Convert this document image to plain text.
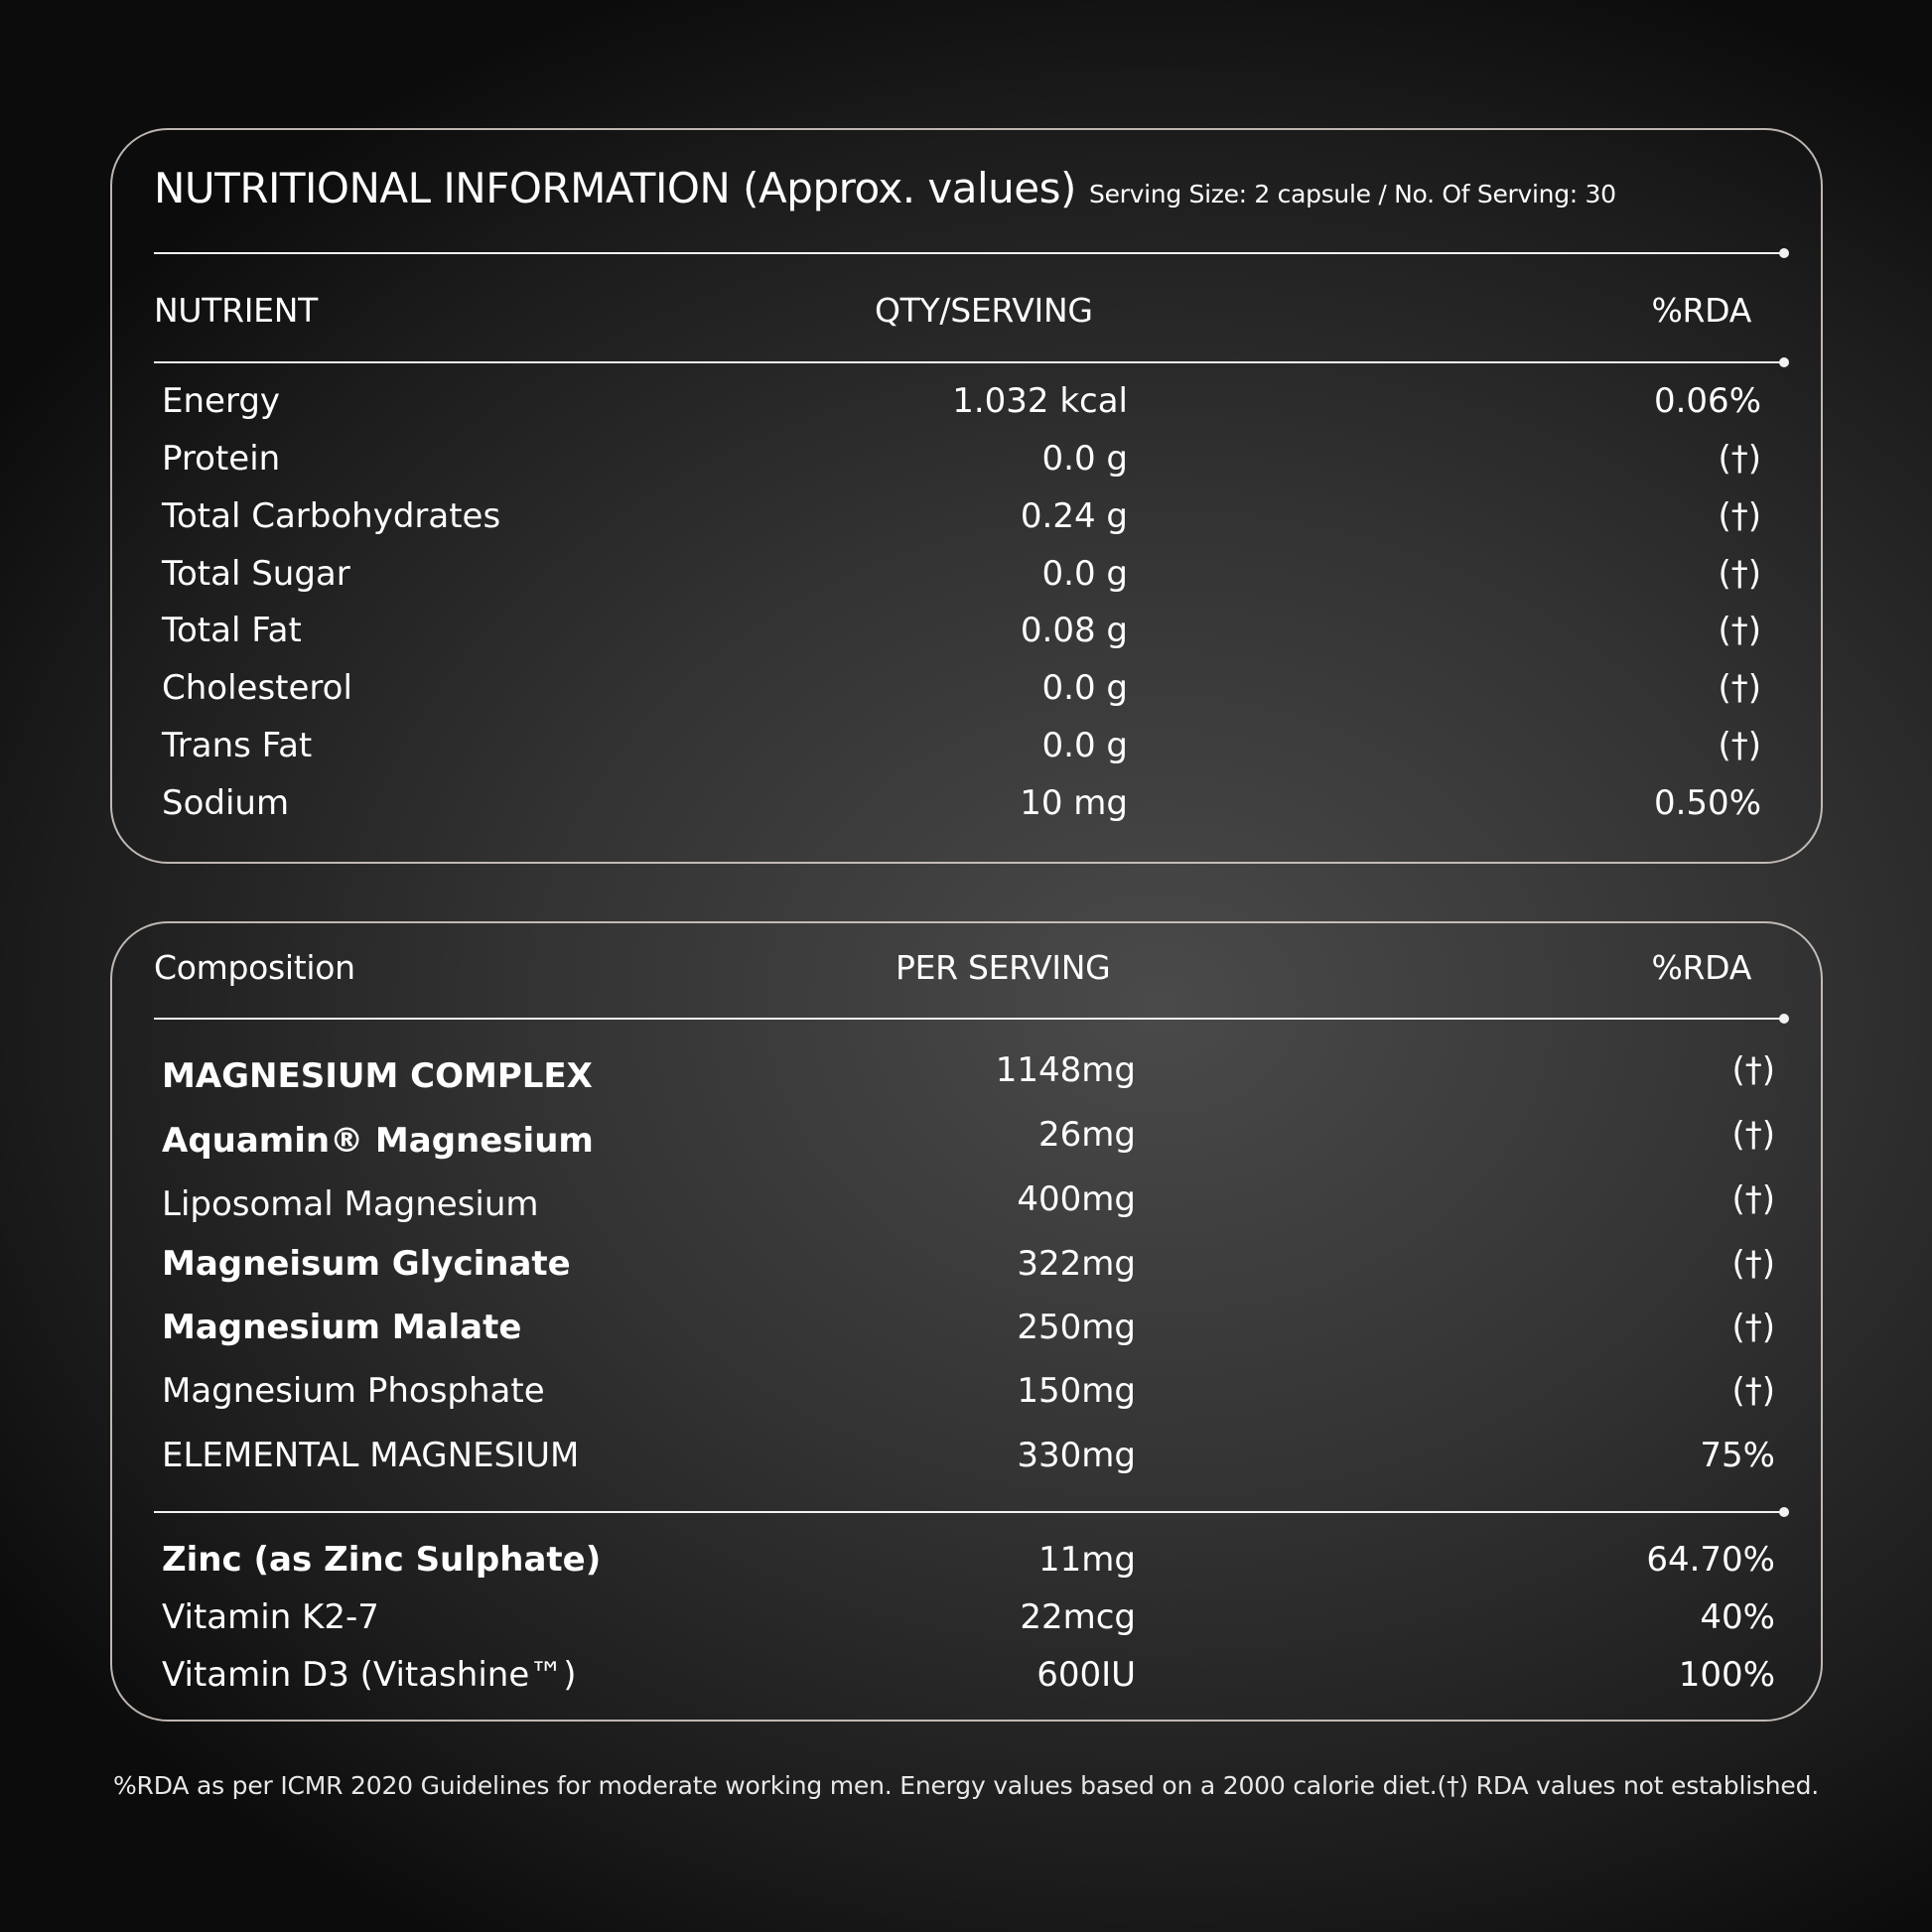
NUTRITIONAL INFORMATION (Approx. values) Serving Size: 2 capsule / No. Of Serving: 30
NUTRIENT	QTY/SERVING	%RDA
Energy	1.032 kcal	0.06%
Protein	0.0 g	(†)
Total Carbohydrates	0.24 g	(†)
Total Sugar	0.0 g	(†)
Total Fat	0.08 g	(†)
Cholesterol	0.0 g	(†)
Trans Fat	0.0 g	(†)
Sodium	10 mg	0.50%
Composition	PER SERVING	%RDA
MAGNESIUM COMPLEX	1148mg	(†)
Aquamin® Magnesium	26mg	(†)
Liposomal Magnesium	400mg	(†)
Magneisum Glycinate	322mg	(†)
Magnesium Malate	250mg	(†)
Magnesium Phosphate	150mg	(†)
ELEMENTAL MAGNESIUM	330mg	75%
Zinc (as Zinc Sulphate)	11mg	64.70%
Vitamin K2-7	22mcg	40%
Vitamin D3 (Vitashine™)	600IU	100%
%RDA as per ICMR 2020 Guidelines for moderate working men. Energy values based on a 2000 calorie diet.(†) RDA values not established.
